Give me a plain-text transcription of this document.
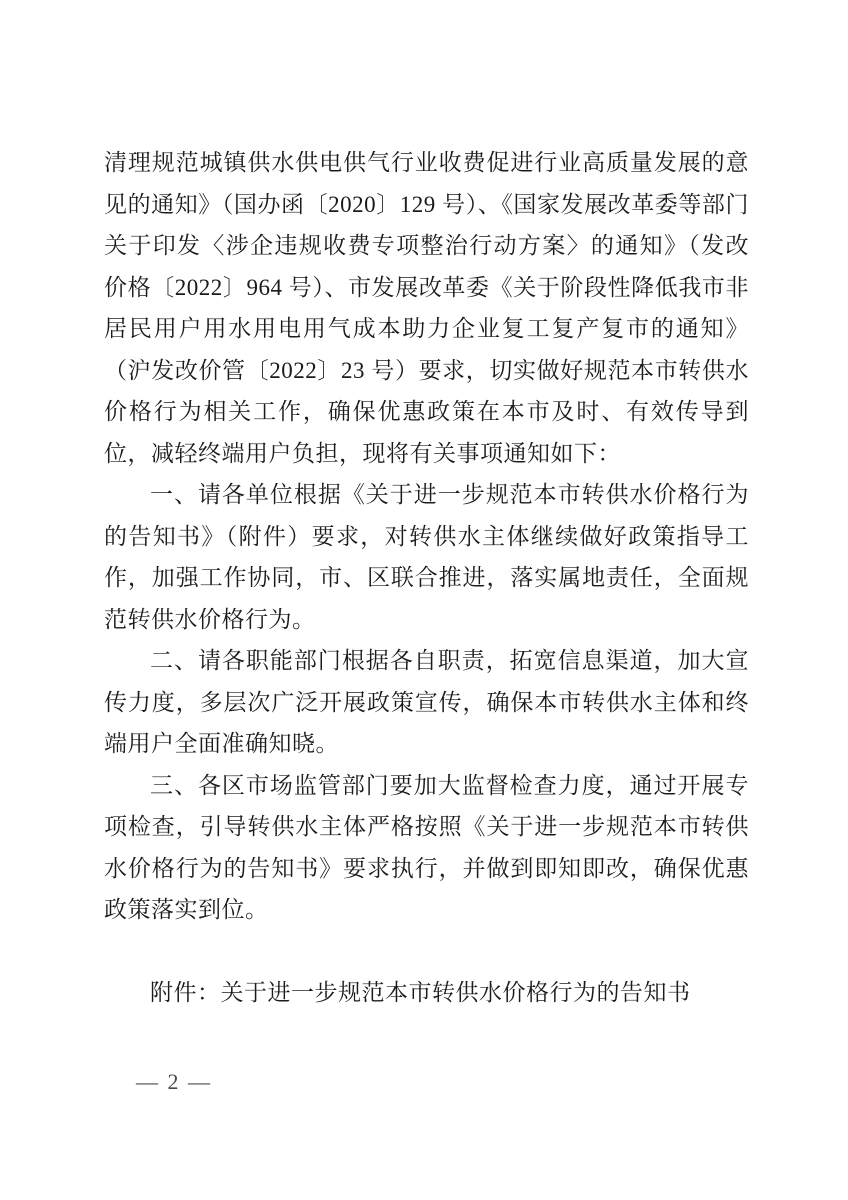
清理规范城镇供水供电供气行业收费促进行业高质量发展的意见的通知》（国办函〔2020〕129 号）、《国家发展改革委等部门关于印发〈涉企违规收费专项整治行动方案〉的通知》（发改价格〔2022〕964 号）、市发展改革委《关于阶段性降低我市非居民用户用水用电用气成本助力企业复工复产复市的通知》（沪发改价管〔2022〕23 号）要求，切实做好规范本市转供水价格行为相关工作，确保优惠政策在本市及时、有效传导到位，减轻终端用户负担，现将有关事项通知如下：

一、请各单位根据《关于进一步规范本市转供水价格行为的告知书》（附件）要求，对转供水主体继续做好政策指导工作，加强工作协同，市、区联合推进，落实属地责任，全面规范转供水价格行为。

二、请各职能部门根据各自职责，拓宽信息渠道，加大宣传力度，多层次广泛开展政策宣传，确保本市转供水主体和终端用户全面准确知晓。

三、各区市场监管部门要加大监督检查力度，通过开展专项检查，引导转供水主体严格按照《关于进一步规范本市转供水价格行为的告知书》要求执行，并做到即知即改，确保优惠政策落实到位。

附件：关于进一步规范本市转供水价格行为的告知书

— 2 —
